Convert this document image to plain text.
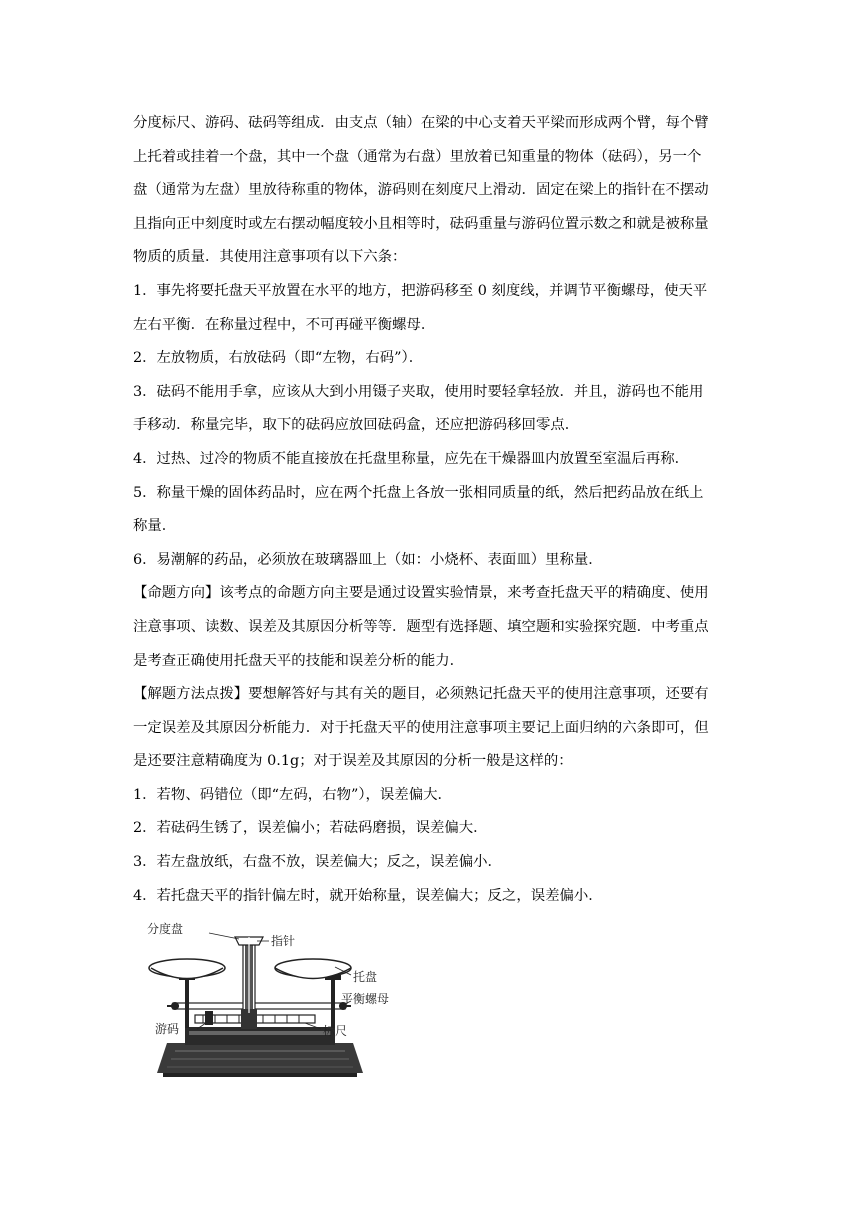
分度标尺、游码、砝码等组成．由支点（轴）在梁的中心支着天平梁而形成两个臂，每个臂
上托着或挂着一个盘，其中一个盘（通常为右盘）里放着已知重量的物体（砝码），另一个
盘（通常为左盘）里放待称重的物体，游码则在刻度尺上滑动．固定在梁上的指针在不摆动
且指向正中刻度时或左右摆动幅度较小且相等时，砝码重量与游码位置示数之和就是被称量
物质的质量．其使用注意事项有以下六条：
1．事先将要托盘天平放置在水平的地方，把游码移至 0 刻度线，并调节平衡螺母，使天平
左右平衡．在称量过程中，不可再碰平衡螺母．
2．左放物质，右放砝码（即“左物，右码”）．
3．砝码不能用手拿，应该从大到小用镊子夹取，使用时要轻拿轻放．并且，游码也不能用
手移动．称量完毕，取下的砝码应放回砝码盒，还应把游码移回零点．
4．过热、过冷的物质不能直接放在托盘里称量，应先在干燥器皿内放置至室温后再称．
5．称量干燥的固体药品时，应在两个托盘上各放一张相同质量的纸，然后把药品放在纸上
称量．
6．易潮解的药品，必须放在玻璃器皿上（如：小烧杯、表面皿）里称量．
【命题方向】该考点的命题方向主要是通过设置实验情景，来考查托盘天平的精确度、使用
注意事项、读数、误差及其原因分析等等．题型有选择题、填空题和实验探究题．中考重点
是考查正确使用托盘天平的技能和误差分析的能力．
【解题方法点拨】要想解答好与其有关的题目，必须熟记托盘天平的使用注意事项，还要有
一定误差及其原因分析能力．对于托盘天平的使用注意事项主要记上面归纳的六条即可，但
是还要注意精确度为 0.1g；对于误差及其原因的分析一般是这样的：
1．若物、码错位（即“左码，右物”），误差偏大．
2．若砝码生锈了，误差偏小；若砝码磨损，误差偏大．
3．若左盘放纸，右盘不放，误差偏大；反之，误差偏小．
4．若托盘天平的指针偏左时，就开始称量，误差偏大；反之，误差偏小．
分度盘
指针
托盘
平衡螺母
游码	标尺
